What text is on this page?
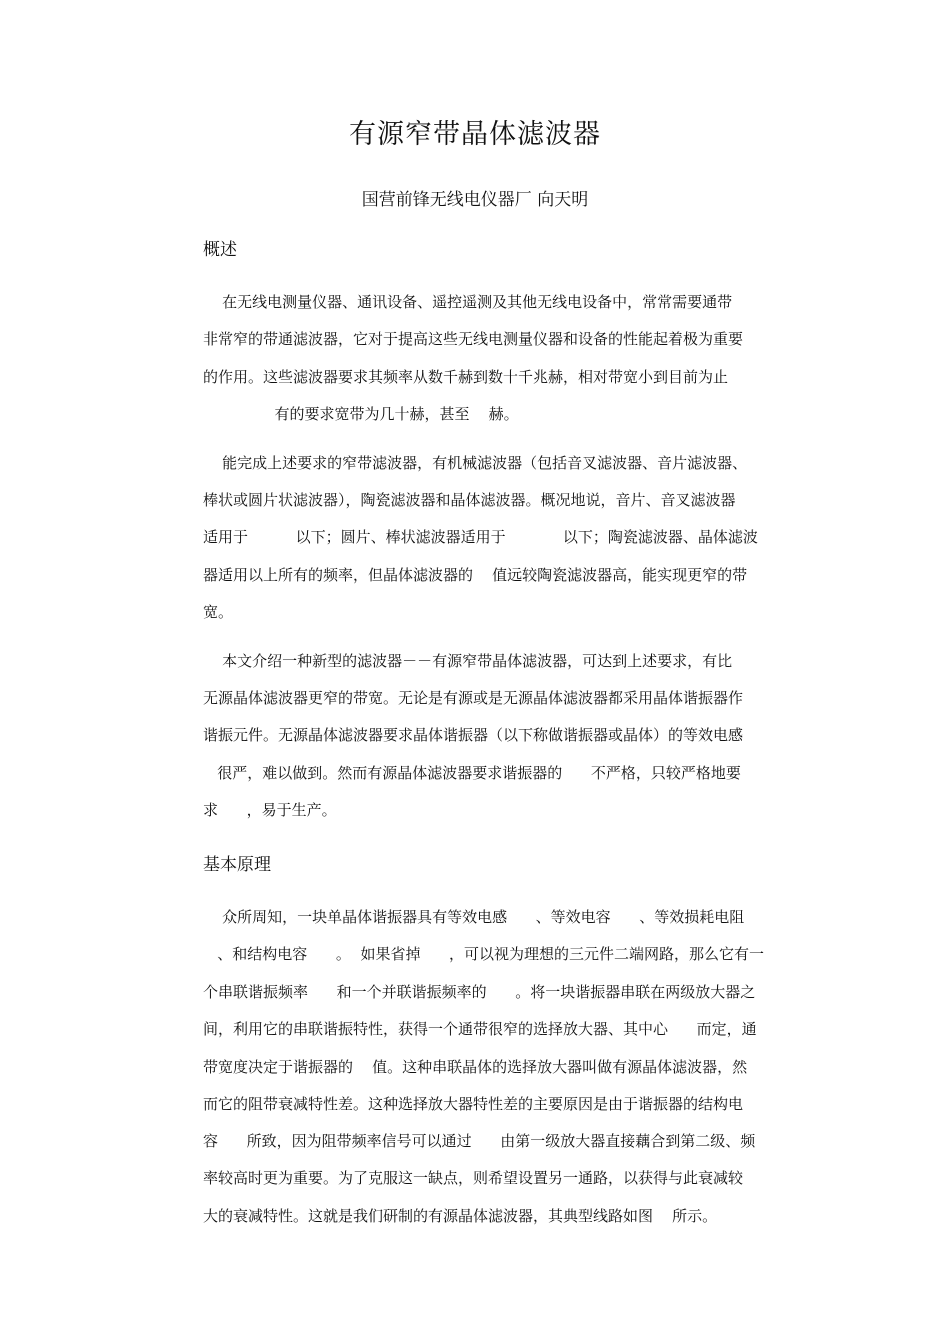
有源窄带晶体滤波器
国营前锋无线电仪器厂 向天明
概述
在无线电测量仪器、通讯设备、遥控遥测及其他无线电设备中，常常需要通带
非常窄的带通滤波器，它对于提高这些无线电测量仪器和设备的性能起着极为重要
的作用。这些滤波器要求其频率从数千赫到数十千兆赫，相对带宽小到目前为止
有的要求宽带为几十赫，甚至    赫。
能完成上述要求的窄带滤波器，有机械滤波器（包括音叉滤波器、音片滤波器、
棒状或圆片状滤波器），陶瓷滤波器和晶体滤波器。概况地说，音片、音叉滤波器
适用于          以下；圆片、棒状滤波器适用于            以下；陶瓷滤波器、晶体滤波
器适用以上所有的频率，但晶体滤波器的    值远较陶瓷滤波器高，能实现更窄的带
宽。
本文介绍一种新型的滤波器－－有源窄带晶体滤波器，可达到上述要求，有比
无源晶体滤波器更窄的带宽。无论是有源或是无源晶体滤波器都采用晶体谐振器作
谐振元件。无源晶体滤波器要求晶体谐振器（以下称做谐振器或晶体）的等效电感
很严，难以做到。然而有源晶体滤波器要求谐振器的      不严格，只较严格地要
求      ，易于生产。
基本原理
众所周知，一块单晶体谐振器具有等效电感      、等效电容      、等效损耗电阻
、和结构电容      。  如果省掉      ，可以视为理想的三元件二端网路，那么它有一
个串联谐振频率      和一个并联谐振频率的      。将一块谐振器串联在两级放大器之
间，利用它的串联谐振特性，获得一个通带很窄的选择放大器、其中心      而定，通
带宽度决定于谐振器的    值。这种串联晶体的选择放大器叫做有源晶体滤波器，然
而它的阻带衰减特性差。这种选择放大器特性差的主要原因是由于谐振器的结构电
容      所致，因为阻带频率信号可以通过      由第一级放大器直接藕合到第二级、频
率较高时更为重要。为了克服这一缺点，则希望设置另一通路，以获得与此衰减较
大的衰减特性。这就是我们研制的有源晶体滤波器，其典型线路如图    所示。
